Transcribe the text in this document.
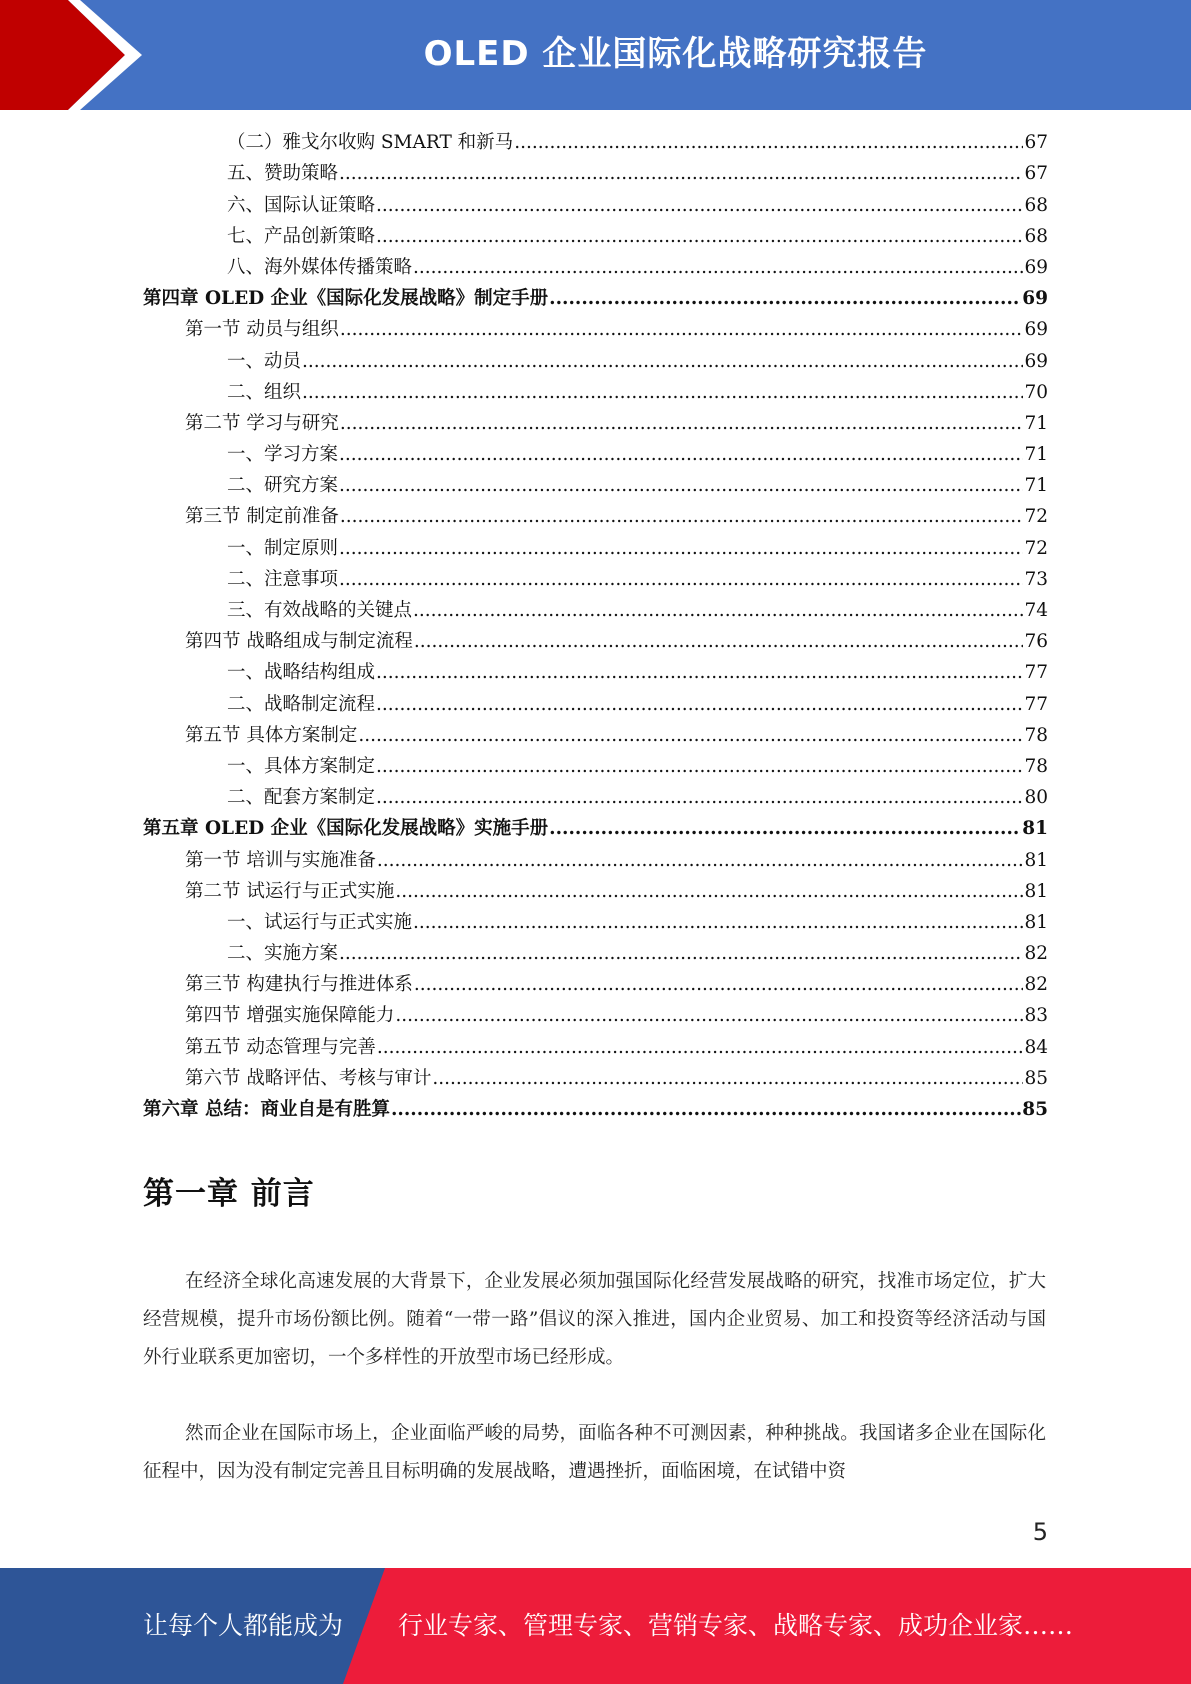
OLED 企业国际化战略研究报告
（二）雅戈尔收购 SMART 和新马 .....	67
五、赞助策略 .....	67
六、国际认证策略 .....	68
七、产品创新策略 .....	68
八、海外媒体传播策略 .....	69
第四章 OLED 企业《国际化发展战略》制定手册 .....	69
第一节 动员与组织 .....	69
一、动员 .....	69
二、组织 .....	70
第二节 学习与研究 .....	71
一、学习方案 .....	71
二、研究方案 .....	71
第三节 制定前准备 .....	72
一、制定原则 .....	72
二、注意事项 .....	73
三、有效战略的关键点 .....	74
第四节 战略组成与制定流程 .....	76
一、战略结构组成 .....	77
二、战略制定流程 .....	77
第五节 具体方案制定 .....	78
一、具体方案制定 .....	78
二、配套方案制定 .....	80
第五章 OLED 企业《国际化发展战略》实施手册 .....	81
第一节 培训与实施准备 .....	81
第二节 试运行与正式实施 .....	81
一、试运行与正式实施 .....	81
二、实施方案 .....	82
第三节 构建执行与推进体系 .....	82
第四节 增强实施保障能力 .....	83
第五节 动态管理与完善 .....	84
第六节 战略评估、考核与审计 .....	85
第六章 总结：商业自是有胜算 .....	85
第一章 前言

在经济全球化高速发展的大背景下，企业发展必须加强国际化经营发展战略的研究，找准市场定位，扩大经营规模，提升市场份额比例。随着“一带一路”倡议的深入推进，国内企业贸易、加工和投资等经济活动与国外行业联系更加密切，一个多样性的开放型市场已经形成。

然而企业在国际市场上，企业面临严峻的局势，面临各种不可测因素，种种挑战。我国诸多企业在国际化征程中，因为没有制定完善且目标明确的发展战略，遭遇挫折，面临困境，在试错中资

5
让每个人都能成为 行业专家、管理专家、营销专家、战略专家、成功企业家……
